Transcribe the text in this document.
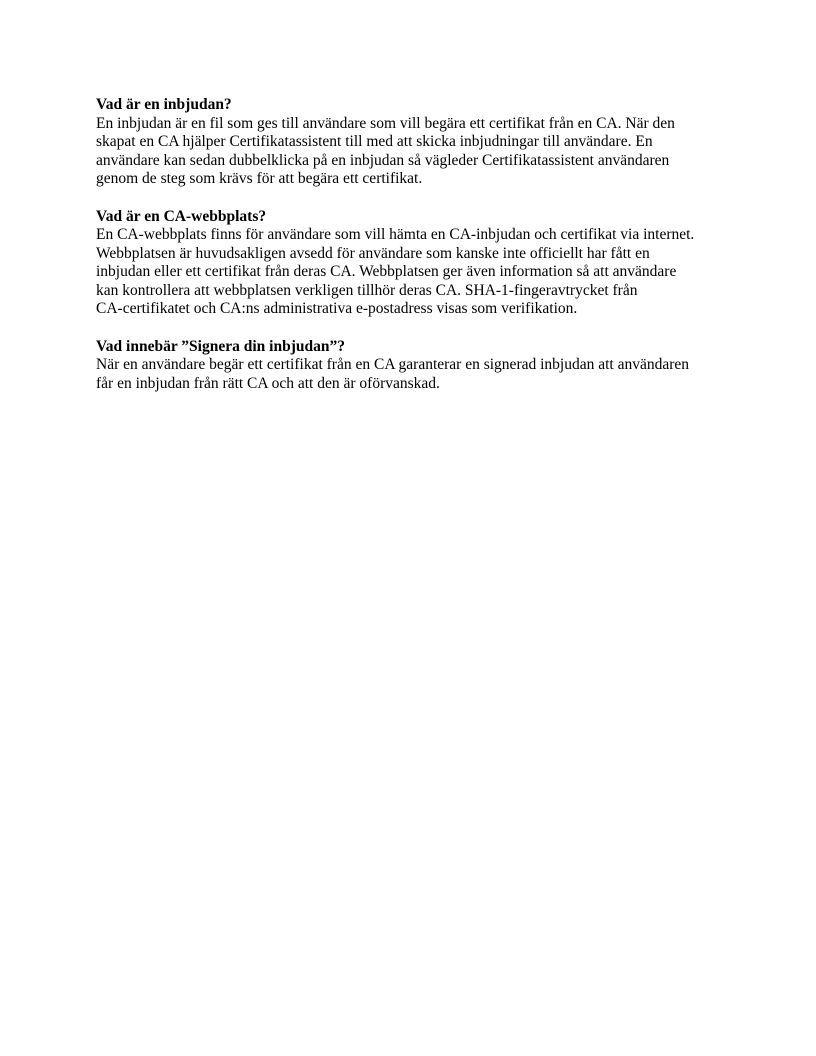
Vad är en inbjudan?

En inbjudan är en fil som ges till användare som vill begära ett certifikat från en CA. När den

skapat en CA hjälper Certifikatassistent till med att skicka inbjudningar till användare. En

användare kan sedan dubbelklicka på en inbjudan så vägleder Certifikatassistent användaren

genom de steg som krävs för att begära ett certifikat.

Vad är en CA-webbplats?

En CA-webbplats finns för användare som vill hämta en CA-inbjudan och certifikat via internet.

Webbplatsen är huvudsakligen avsedd för användare som kanske inte officiellt har fått en

inbjudan eller ett certifikat från deras CA. Webbplatsen ger även information så att användare

kan kontrollera att webbplatsen verkligen tillhör deras CA. SHA-1-fingeravtrycket från

CA-certifikatet och CA:ns administrativa e‑postadress visas som verifikation.

Vad innebär ”Signera din inbjudan”?

När en användare begär ett certifikat från en CA garanterar en signerad inbjudan att användaren

får en inbjudan från rätt CA och att den är oförvanskad.
